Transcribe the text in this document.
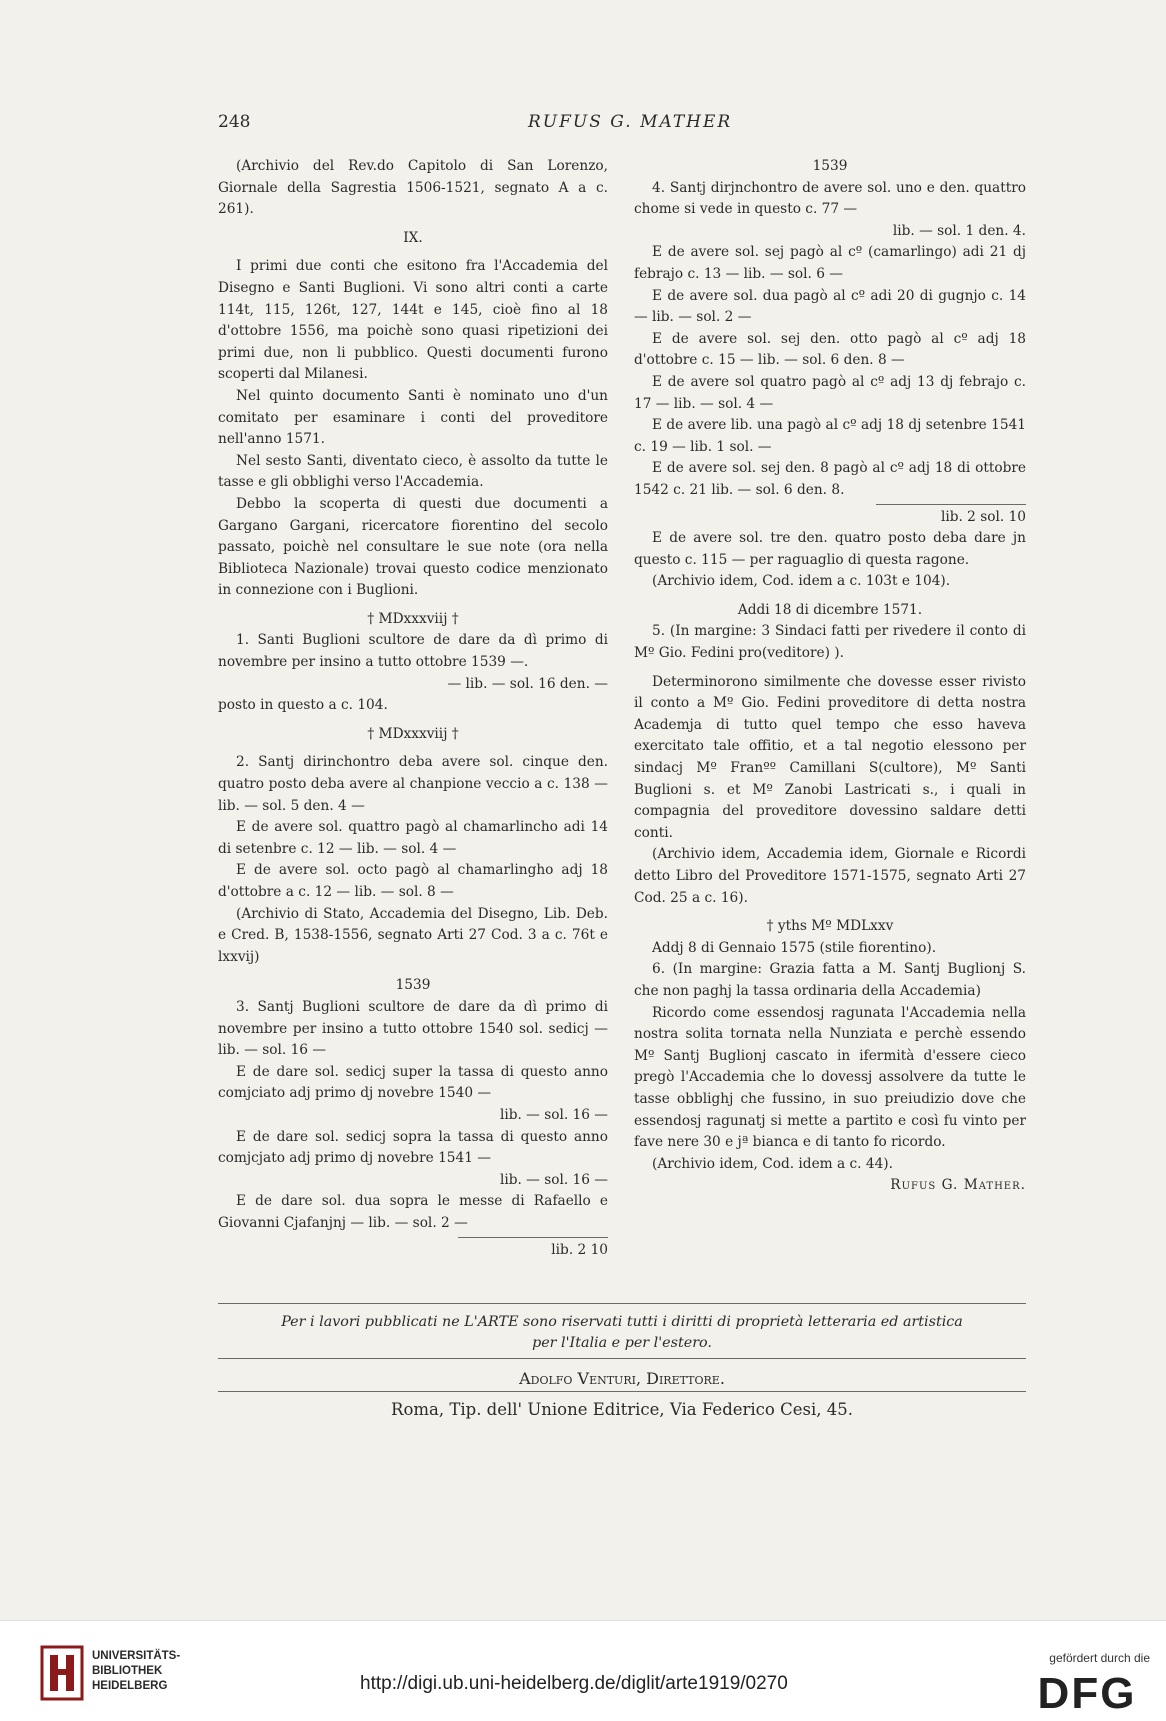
248	RUFUS G. MATHER

(Archivio del Rev.do Capitolo di San Lorenzo, Giornale della Sagrestia 1506-1521, segnato A a c. 261).

IX.

I primi due conti che esitono fra l'Accademia del Disegno e Santi Buglioni. Vi sono altri conti a carte 114t, 115, 126t, 127, 144t e 145, cioè fino al 18 d'ottobre 1556, ma poichè sono quasi ripetizioni dei primi due, non li pubblico. Questi documenti furono scoperti dal Milanesi.

Nel quinto documento Santi è nominato uno d'un comitato per esaminare i conti del proveditore nell'anno 1571.

Nel sesto Santi, diventato cieco, è assolto da tutte le tasse e gli obblighi verso l'Accademia.

Debbo la scoperta di questi due documenti a Gargano Gargani, ricercatore fiorentino del secolo passato, poichè nel consultare le sue note (ora nella Biblioteca Nazionale) trovai questo codice menzionato in connezione con i Buglioni.

† MDxxxviij †

1. Santi Buglioni scultore de dare da dì primo di novembre per insino a tutto ottobre 1539 —.

— lib. — sol. 16 den. —

posto in questo a c. 104.

† MDxxxviij †

2. Santj dirinchontro deba avere sol. cinque den. quatro posto deba avere al chanpione veccio a c. 138 — lib. — sol. 5 den. 4 —

E de avere sol. quattro pagò al chamarlincho adi 14 di setenbre c. 12 — lib. — sol. 4 —

E de avere sol. octo pagò al chamarlingho adj 18 d'ottobre a c. 12 — lib. — sol. 8 —

(Archivio di Stato, Accademia del Disegno, Lib. Deb. e Cred. B, 1538-1556, segnato Arti 27 Cod. 3 a c. 76t e lxxvij)

1539

3. Santj Buglioni scultore de dare da dì primo di novembre per insino a tutto ottobre 1540 sol. sedicj — lib. — sol. 16 —

E de dare sol. sedicj super la tassa di questo anno comjciato adj primo dj novebre 1540 —

lib. — sol. 16 —

E de dare sol. sedicj sopra la tassa di questo anno comjcjato adj primo dj novebre 1541 —

lib. — sol. 16 —

E de dare sol. dua sopra le messe di Rafaello e Giovanni Cjafanjnj — lib. — sol. 2 —

lib. 2 10

1539

4. Santj dirjnchontro de avere sol. uno e den. quattro chome si vede in questo c. 77 —

lib. — sol. 1 den. 4.

E de avere sol. sej pagò al cº (camarlingo) adi 21 dj febrajo c. 13 — lib. — sol. 6 —

E de avere sol. dua pagò al cº adi 20 di gugnjo c. 14 — lib. — sol. 2 —

E de avere sol. sej den. otto pagò al cº adj 18 d'ottobre c. 15 — lib. — sol. 6 den. 8 —

E de avere sol quatro pagò al cº adj 13 dj febrajo c. 17 — lib. — sol. 4 —

E de avere lib. una pagò al cº adj 18 dj setenbre 1541 c. 19 — lib. 1 sol. —

E de avere sol. sej den. 8 pagò al cº adj 18 di ottobre 1542 c. 21 lib. — sol. 6 den. 8.

lib. 2 sol. 10

E de avere sol. tre den. quatro posto deba dare jn questo c. 115 — per raguaglio di questa ragone.

(Archivio idem, Cod. idem a c. 103t e 104).

Addi 18 di dicembre 1571.

5. (In margine: 3 Sindaci fatti per rivedere il conto di Mº Gio. Fedini pro(veditore) ).

Determinorono similmente che dovesse esser rivisto il conto a Mº Gio. Fedini proveditore di detta nostra Academja di tutto quel tempo che esso haveva exercitato tale offitio, et a tal negotio elessono per sindacj Mº Franºº Camillani S(cultore), Mº Santi Buglioni s. et Mº Zanobi Lastricati s., i quali in compagnia del proveditore dovessino saldare detti conti.

(Archivio idem, Accademia idem, Giornale e Ricordi detto Libro del Proveditore 1571-1575, segnato Arti 27 Cod. 25 a c. 16).

† yths Mº MDLxxv

Addj 8 di Gennaio 1575 (stile fiorentino).

6. (In margine: Grazia fatta a M. Santj Buglionj S. che non paghj la tassa ordinaria della Accademia)

Ricordo come essendosj ragunata l'Accademia nella nostra solita tornata nella Nunziata e perchè essendo Mº Santj Buglionj cascato in ifermità d'essere cieco pregò l'Accademia che lo dovessj assolvere da tutte le tasse obblighj che fussino, in suo preiudizio dove che essendosj ragunatj si mette a partito e così fu vinto per fave nere 30 e jª bianca e di tanto fo ricordo.

(Archivio idem, Cod. idem a c. 44).

Rufus G. Mather.

Per i lavori pubblicati ne L'ARTE sono riservati tutti i diritti di proprietà letteraria ed artistica
per l'Italia e per l'estero.
Adolfo Venturi, Direttore.
Roma, Tip. dell' Unione Editrice, Via Federico Cesi, 45.
UNIVERSITÄTS-
BIBLIOTHEK
HEIDELBERG	http://digi.ub.uni-heidelberg.de/diglit/arte1919/0270
gefördert durch die
DFG
